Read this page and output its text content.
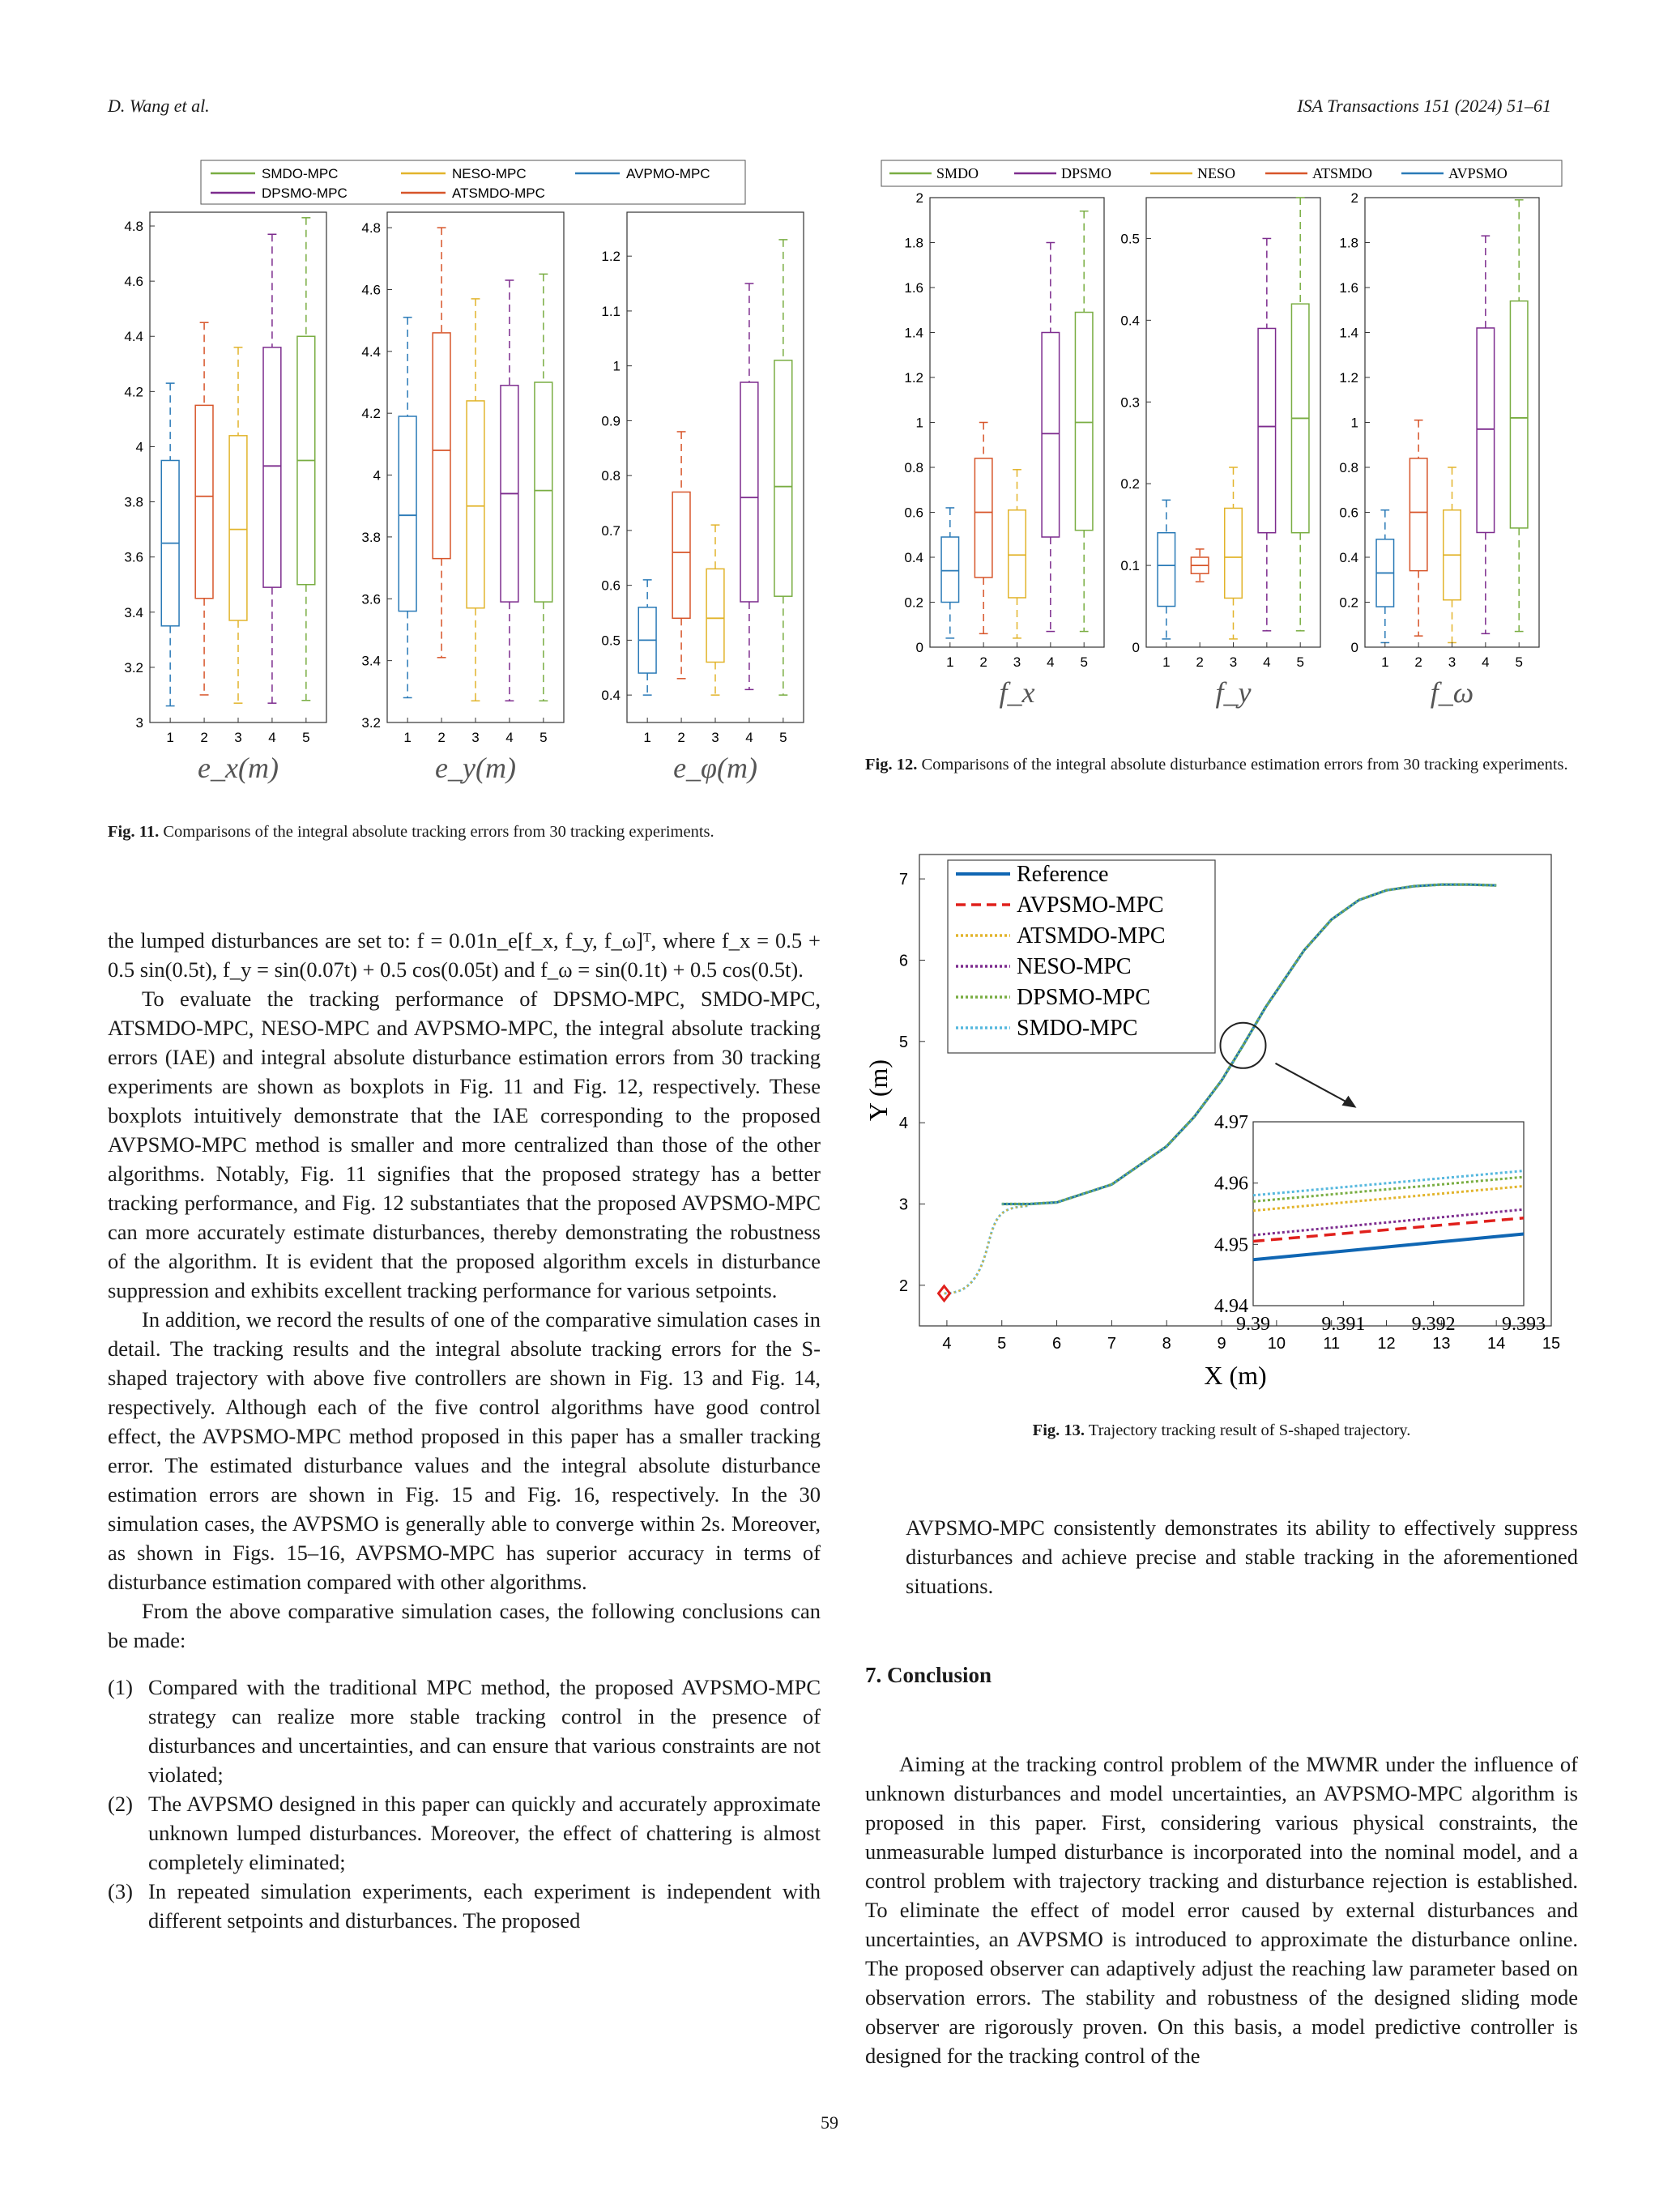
D. Wang et al.	ISA Transactions 151 (2024) 51–61
SMDO-MPC	NESO-MPC	AVPMO-MPC
DPSMO-MPC	ATSMDO-MPC
3
3.2
3.4
3.6
3.8
4
4.2
4.4
4.6
4.8
1 2 3 4 5
e_x(m)
3.2
3.4
3.6
3.8
4
4.2
4.4
4.6
4.8
1 2 3 4 5
e_y(m)
0.4
0.5
0.6
0.7
0.8
0.9
1
1.1
1.2
1 2 3 4 5
e_φ(m)
Fig. 11. Comparisons of the integral absolute tracking errors from 30 tracking experiments.
SMDO	DPSMO	NESO	ATSMDO	AVPSMO
0
0.2
0.4
0.6
0.8
1
1.2
1.4
1.6
1.8
2
1 2 3 4 5
f_x
0
0.1
0.2
0.3
0.4
0.5
1 2 3 4 5
f_y
0
0.2
0.4
0.6
0.8
1
1.2
1.4
1.6
1.8
2
1 2 3 4 5
f_ω
Fig. 12. Comparisons of the integral absolute disturbance estimation errors from 30 tracking experiments.
4	5	6	7	8	9	10 11 12 13 14 15
2
3
4
5
6
7
X (m)
Y (m)
Reference
AVPSMO-MPC
ATSMDO-MPC
NESO-MPC
DPSMO-MPC
SMDO-MPC
9.39	9.391 9.392 9.393
4.94
4.95
4.96
4.97
Fig. 13. Trajectory tracking result of S-shaped trajectory.

the lumped disturbances are set to: f = 0.01n_e[f_x, f_y, f_ω]ᵀ, where f_x = 0.5 + 0.5 sin(0.5t), f_y = sin(0.07t) + 0.5 cos(0.05t) and f_ω = sin(0.1t) + 0.5 cos(0.5t).

To evaluate the tracking performance of DPSMO-MPC, SMDO-MPC, ATSMDO-MPC, NESO-MPC and AVPSMO-MPC, the integral absolute tracking errors (IAE) and integral absolute disturbance estimation errors from 30 tracking experiments are shown as boxplots in Fig. 11 and Fig. 12, respectively. These boxplots intuitively demonstrate that the IAE corresponding to the proposed AVPSMO-MPC method is smaller and more centralized than those of the other algorithms. Notably, Fig. 11 signifies that the proposed strategy has a better tracking performance, and Fig. 12 substantiates that the proposed AVPSMO-MPC can more accurately estimate disturbances, thereby demonstrating the robustness of the algorithm. It is evident that the proposed algorithm excels in disturbance suppression and exhibits excellent tracking performance for various setpoints.

In addition, we record the results of one of the comparative simulation cases in detail. The tracking results and the integral absolute tracking errors for the S-shaped trajectory with above five controllers are shown in Fig. 13 and Fig. 14, respectively. Although each of the five control algorithms have good control effect, the AVPSMO-MPC method proposed in this paper has a smaller tracking error. The estimated disturbance values and the integral absolute disturbance estimation errors are shown in Fig. 15 and Fig. 16, respectively. In the 30 simulation cases, the AVPSMO is generally able to converge within 2s. Moreover, as shown in Figs. 15–16, AVPSMO-MPC has superior accuracy in terms of disturbance estimation compared with other algorithms.

From the above comparative simulation cases, the following conclusions can be made:

(1) Compared with the traditional MPC method, the proposed AVPSMO-MPC strategy can realize more stable tracking control in the presence of disturbances and uncertainties, and can ensure that various constraints are not violated;
(2) The AVPSMO designed in this paper can quickly and accurately approximate unknown lumped disturbances. Moreover, the effect of chattering is almost completely eliminated;
(3) In repeated simulation experiments, each experiment is independent with different setpoints and disturbances. The proposed

AVPSMO-MPC consistently demonstrates its ability to effectively suppress disturbances and achieve precise and stable tracking in the aforementioned situations.

7. Conclusion

Aiming at the tracking control problem of the MWMR under the influence of unknown disturbances and model uncertainties, an AVPSMO-MPC algorithm is proposed in this paper. First, considering various physical constraints, the unmeasurable lumped disturbance is incorporated into the nominal model, and a control problem with trajectory tracking and disturbance rejection is established. To eliminate the effect of model error caused by external disturbances and uncertainties, an AVPSMO is introduced to approximate the disturbance online. The proposed observer can adaptively adjust the reaching law parameter based on observation errors. The stability and robustness of the designed sliding mode observer are rigorously proven. On this basis, a model predictive controller is designed for the tracking control of the

59
